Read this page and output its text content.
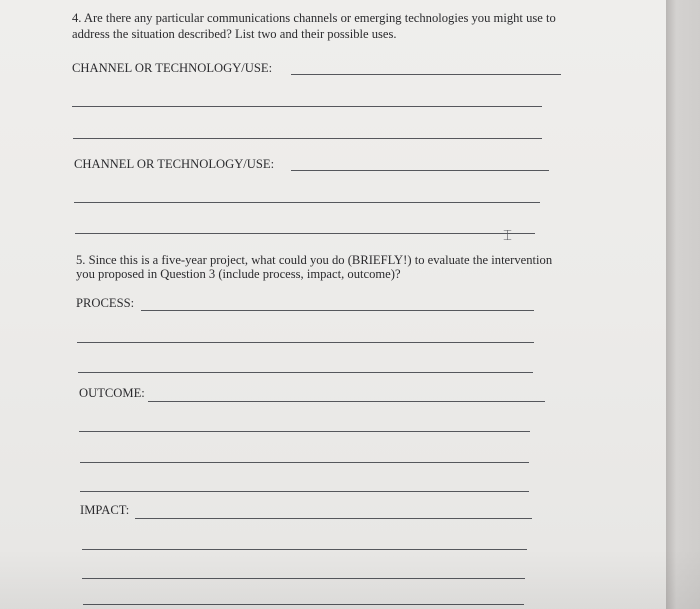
4. Are there any particular communications channels or emerging technologies you might use to

address the situation described? List two and their possible uses.

CHANNEL OR TECHNOLOGY/USE:
CHANNEL OR TECHNOLOGY/USE:
⌶

5. Since this is a five-year project, what could you do (BRIEFLY!) to evaluate the intervention

you proposed in Question 3 (include process, impact, outcome)?

PROCESS:
OUTCOME:
IMPACT:
